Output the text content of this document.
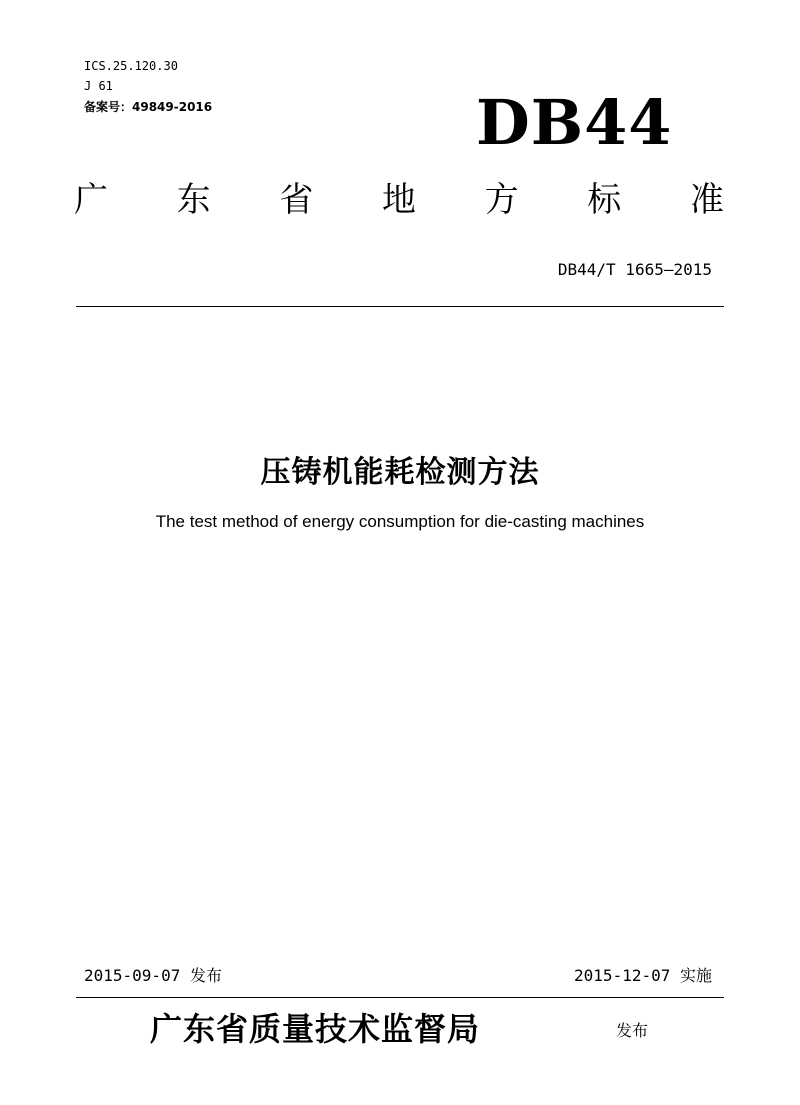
ICS.25.120.30
J 61
备案号：49849-2016	DB44
广 东 省 地 方 标 准
DB44/T 1665—2015
压铸机能耗检测方法
The test method of energy consumption for die-casting machines
2015-09-07 发布	2015-12-07 实施
广东省质量技术监督局	发布
